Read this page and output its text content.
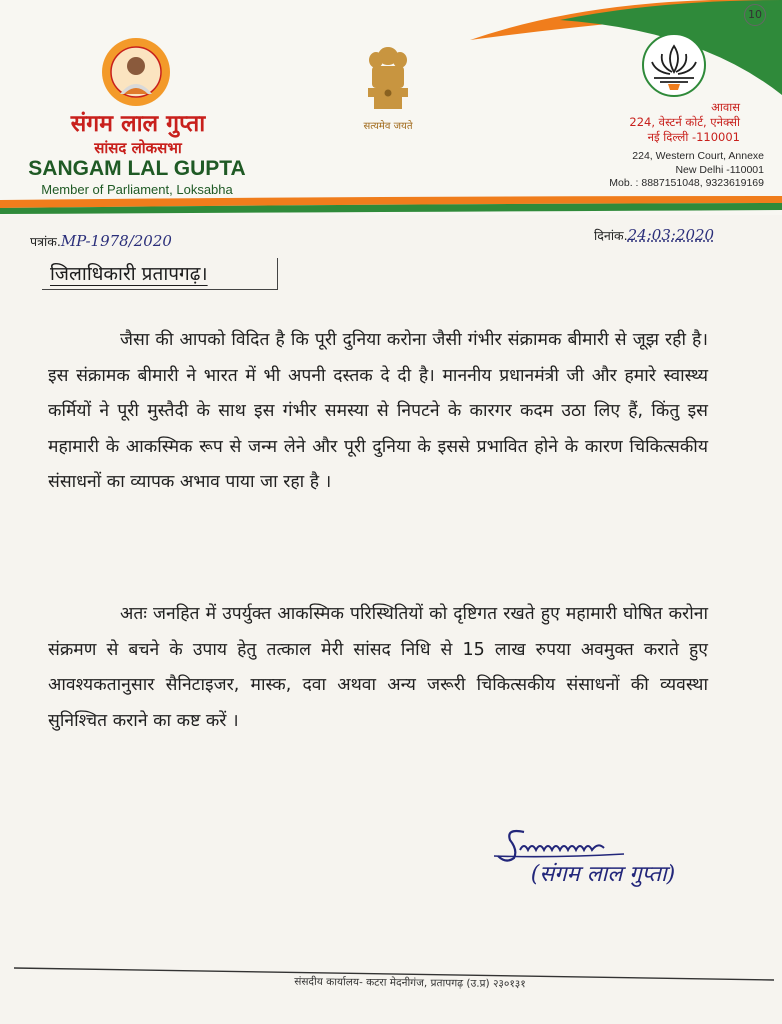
10
संगम लाल गुप्ता
सांसद लोकसभा
SANGAM LAL GUPTA
Member of Parliament, Loksabha
सत्यमेव जयते
आवास
224, वेस्टर्न कोर्ट, एनेक्सी
नई दिल्ली -110001
224, Western Court, Annexe
New Delhi -110001
Mob. : 8887151048, 9323619169
पत्रांक.MP-1978/2020	दिनांक.24:03:2020
जिलाधिकारी प्रतापगढ़।
जैसा की आपको विदित है कि पूरी दुनिया करोना जैसी गंभीर संक्रामक बीमारी से जूझ रही है। इस संक्रामक बीमारी ने भारत में भी अपनी दस्तक दे दी है। माननीय प्रधानमंत्री जी और हमारे स्वास्थ्य कर्मियों ने पूरी मुस्तैदी के साथ इस गंभीर समस्या से निपटने के कारगर कदम उठा लिए हैं, किंतु इस महामारी के आकस्मिक रूप से जन्म लेने और पूरी दुनिया के इससे प्रभावित होने के कारण चिकित्सकीय संसाधनों का व्यापक अभाव पाया जा रहा है ।
अतः जनहित में उपर्युक्त आकस्मिक परिस्थितियों को दृष्टिगत रखते हुए महामारी घोषित करोना संक्रमण से बचने के उपाय हेतु तत्काल मेरी सांसद निधि से 15 लाख रुपया अवमुक्त कराते हुए आवश्यकतानुसार सैनिटाइजर, मास्क, दवा अथवा अन्य जरूरी चिकित्सकीय संसाधनों की व्यवस्था सुनिश्चित कराने का कष्ट करें ।
(संगम लाल गुप्ता)
संसदीय कार्यालय- कटरा मेदनीगंज, प्रतापगढ़ (उ.प्र) २३०१३१
